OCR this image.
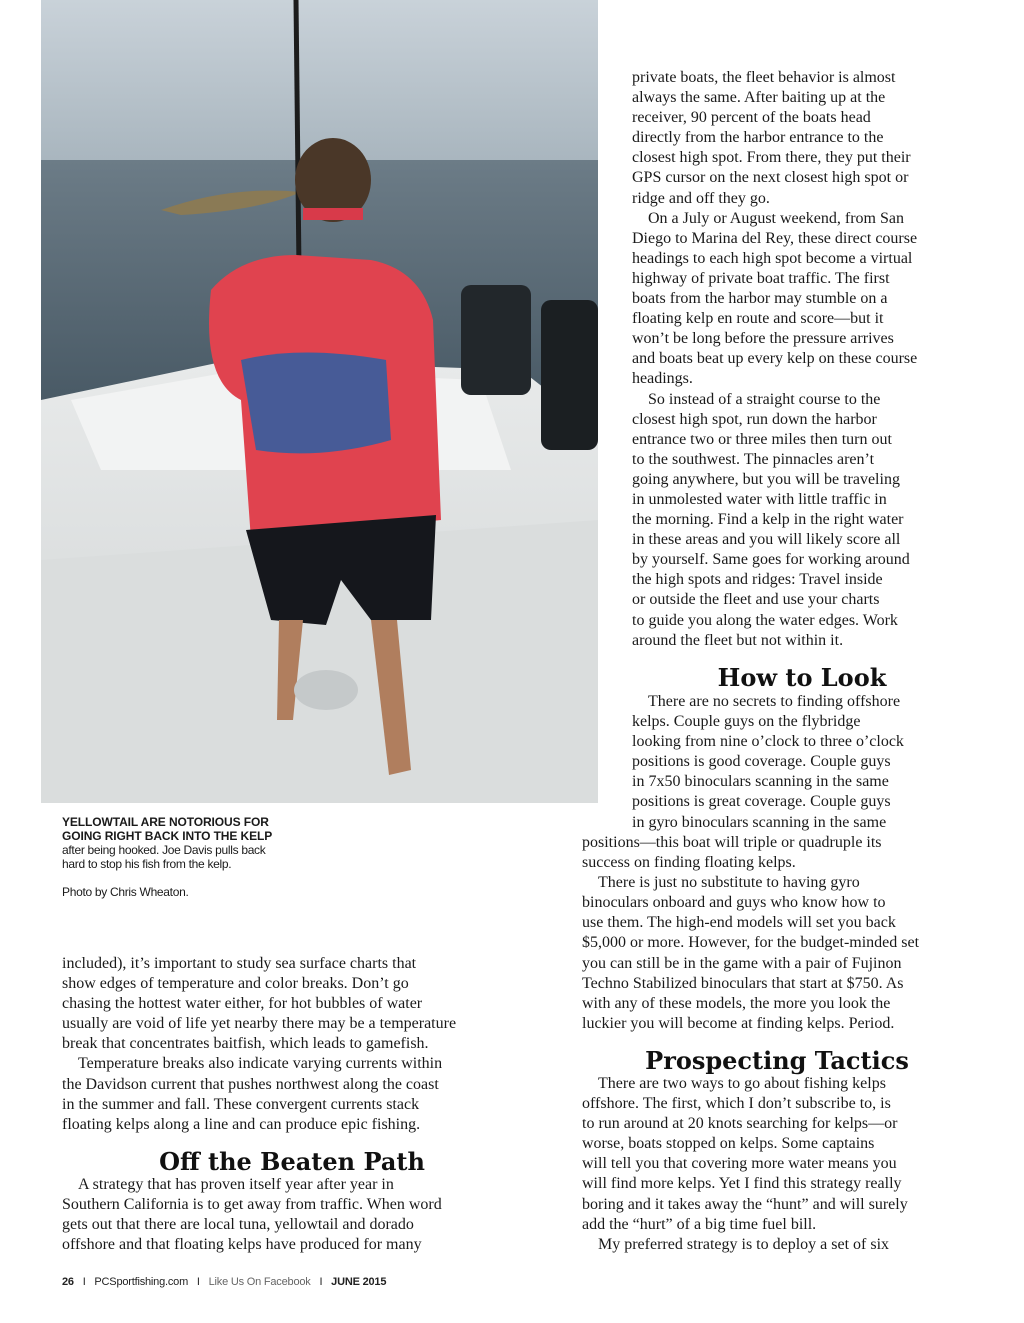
YELLOWTAIL ARE NOTORIOUS FOR
GOING RIGHT BACK INTO THE KELP
after being hooked. Joe Davis pulls back
hard to stop his fish from the kelp.
Photo by Chris Wheaton.

private boats, the fleet behavior is almost
always the same. After baiting up at the
receiver, 90 percent of the boats head
directly from the harbor entrance to the
closest high spot. From there, they put their
GPS cursor on the next closest high spot or
ridge and off they go.

On a July or August weekend, from San
Diego to Marina del Rey, these direct course
headings to each high spot become a virtual
highway of private boat traffic. The first
boats from the harbor may stumble on a
floating kelp en route and score—but it
won’t be long before the pressure arrives
and boats beat up every kelp on these course
headings.

So instead of a straight course to the
closest high spot, run down the harbor
entrance two or three miles then turn out
to the southwest. The pinnacles aren’t
going anywhere, but you will be traveling
in unmolested water with little traffic in
the morning. Find a kelp in the right water
in these areas and you will likely score all
by yourself. Same goes for working around
the high spots and ridges: Travel inside
or outside the fleet and use your charts
to guide you along the water edges. Work
around the fleet but not within it.

How to Look

There are no secrets to finding offshore
kelps. Couple guys on the flybridge
looking from nine o’clock to three o’clock
positions is good coverage. Couple guys
in 7x50 binoculars scanning in the same
positions is great coverage. Couple guys
in gyro binoculars scanning in the same

positions—this boat will triple or quadruple its
success on finding floating kelps.

There is just no substitute to having gyro
binoculars onboard and guys who know how to
use them. The high-end models will set you back
$5,000 or more. However, for the budget-minded set
you can still be in the game with a pair of Fujinon
Techno Stabilized binoculars that start at $750. As
with any of these models, the more you look the
luckier you will become at finding kelps. Period.

Prospecting Tactics

There are two ways to go about fishing kelps
offshore. The first, which I don’t subscribe to, is
to run around at 20 knots searching for kelps—or
worse, boats stopped on kelps. Some captains
will tell you that covering more water means you
will find more kelps. Yet I find this strategy really
boring and it takes away the “hunt” and will surely
add the “hurt” of a big time fuel bill.

My preferred strategy is to deploy a set of six

included), it’s important to study sea surface charts that
show edges of temperature and color breaks. Don’t go
chasing the hottest water either, for hot bubbles of water
usually are void of life yet nearby there may be a temperature
break that concentrates baitfish, which leads to gamefish.

Temperature breaks also indicate varying currents within
the Davidson current that pushes northwest along the coast
in the summer and fall. These convergent currents stack
floating kelps along a line and can produce epic fishing.

Off the Beaten Path

A strategy that has proven itself year after year in
Southern California is to get away from traffic. When word
gets out that there are local tuna, yellowtail and dorado
offshore and that floating kelps have produced for many

26 I PCSportfishing.com I Like Us On Facebook I JUNE 2015
